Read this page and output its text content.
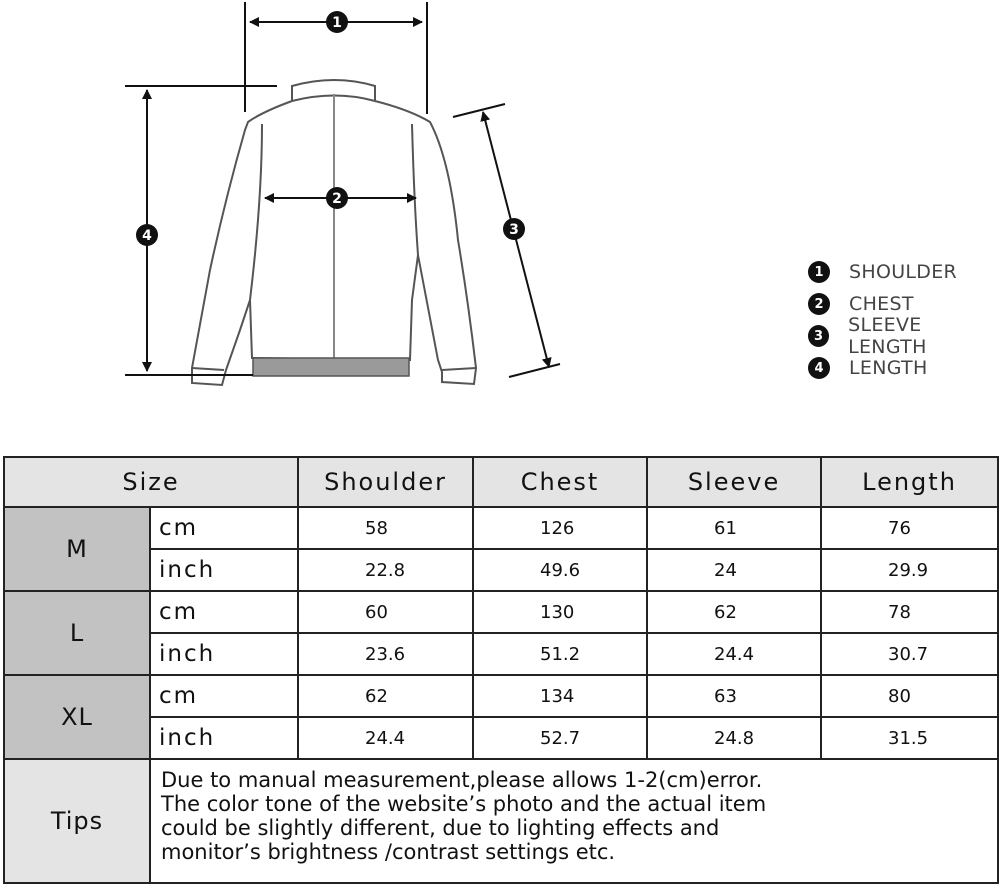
1
2
3
4
1	SHOULDER
2	CHEST
3	SLEEVE LENGTH
4	LENGTH
Size		Shoulder	Chest	Sleeve	Length
M	cm	58	126	61	76
	inch	22.8	49.6	24	29.9
L	cm	60	130	62	78
	inch	23.6	51.2	24.4	30.7
XL	cm	62	134	63	80
	inch	24.4	52.7	24.8	31.5
Tips	Due to manual measurement,please allows 1-2(cm)error.
The color tone of the website’s photo and the actual item
could be slightly different, due to lighting effects and
monitor’s brightness /contrast settings etc.				
